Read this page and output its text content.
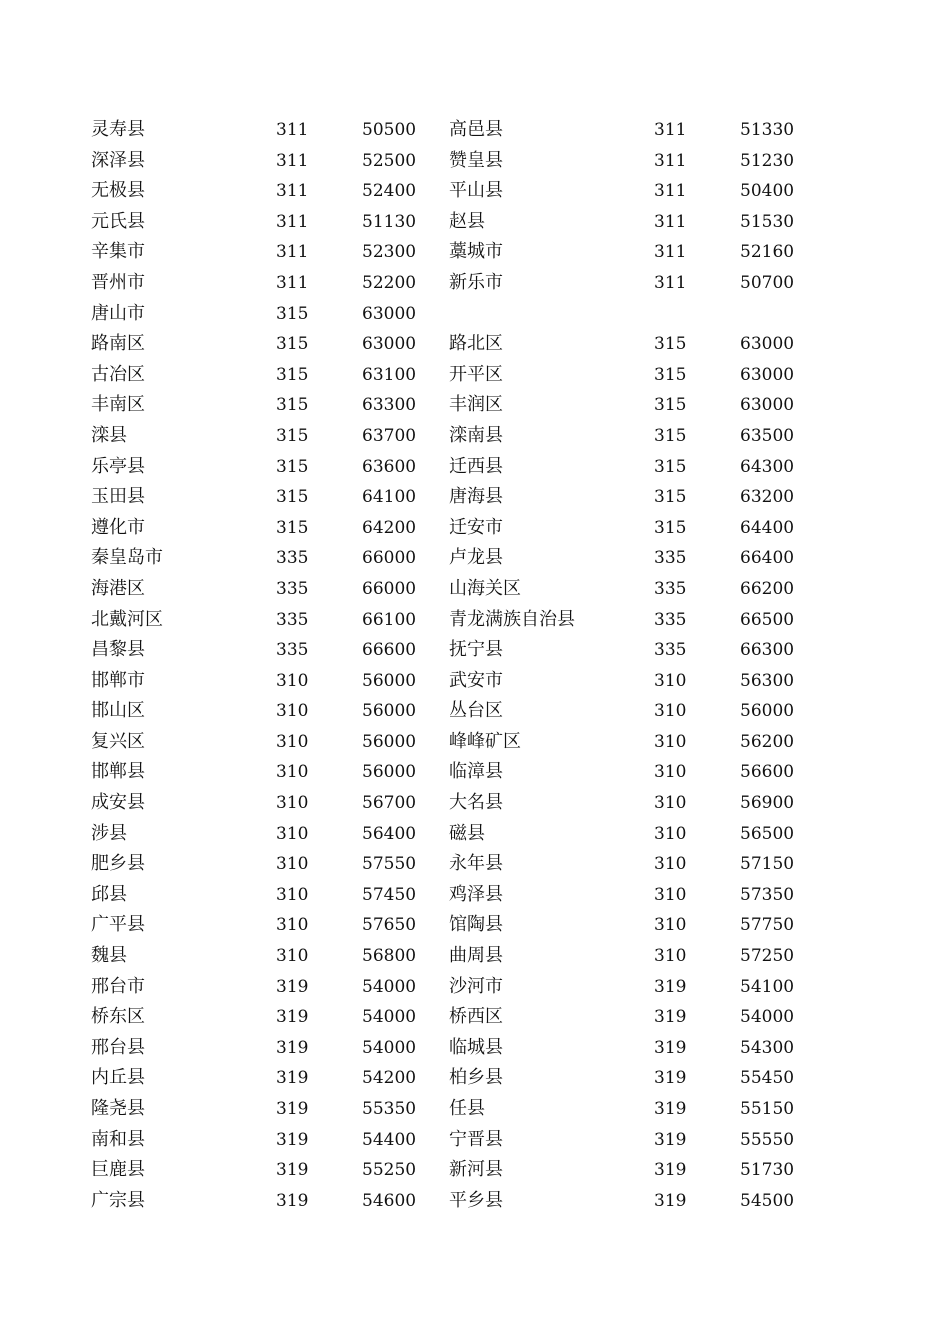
灵寿县	311	50500 高邑县	311	51330
深泽县	311	52500 赞皇县	311	51230
无极县	311	52400 平山县	311	50400
元氏县	311	51130 赵县	311	51530
辛集市	311	52300 藁城市	311	52160
晋州市	311	52200 新乐市	311	50700
唐山市	315	63000
路南区	315	63000 路北区	315	63000
古冶区	315	63100 开平区	315	63000
丰南区	315	63300 丰润区	315	63000
滦县	315	63700 滦南县	315	63500
乐亭县	315	63600 迁西县	315	64300
玉田县	315	64100 唐海县	315	63200
遵化市	315	64200 迁安市	315	64400
秦皇岛市	335	66000 卢龙县	335	66400
海港区	335	66000 山海关区	335	66200
北戴河区	335	66100 青龙满族自治县	335	66500
昌黎县	335	66600 抚宁县	335	66300
邯郸市	310	56000 武安市	310	56300
邯山区	310	56000 丛台区	310	56000
复兴区	310	56000 峰峰矿区	310	56200
邯郸县	310	56000 临漳县	310	56600
成安县	310	56700 大名县	310	56900
涉县	310	56400 磁县	310	56500
肥乡县	310	57550 永年县	310	57150
邱县	310	57450 鸡泽县	310	57350
广平县	310	57650 馆陶县	310	57750
魏县	310	56800 曲周县	310	57250
邢台市	319	54000 沙河市	319	54100
桥东区	319	54000 桥西区	319	54000
邢台县	319	54000 临城县	319	54300
内丘县	319	54200 柏乡县	319	55450
隆尧县	319	55350 任县	319	55150
南和县	319	54400 宁晋县	319	55550
巨鹿县	319	55250 新河县	319	51730
广宗县	319	54600 平乡县	319	54500
